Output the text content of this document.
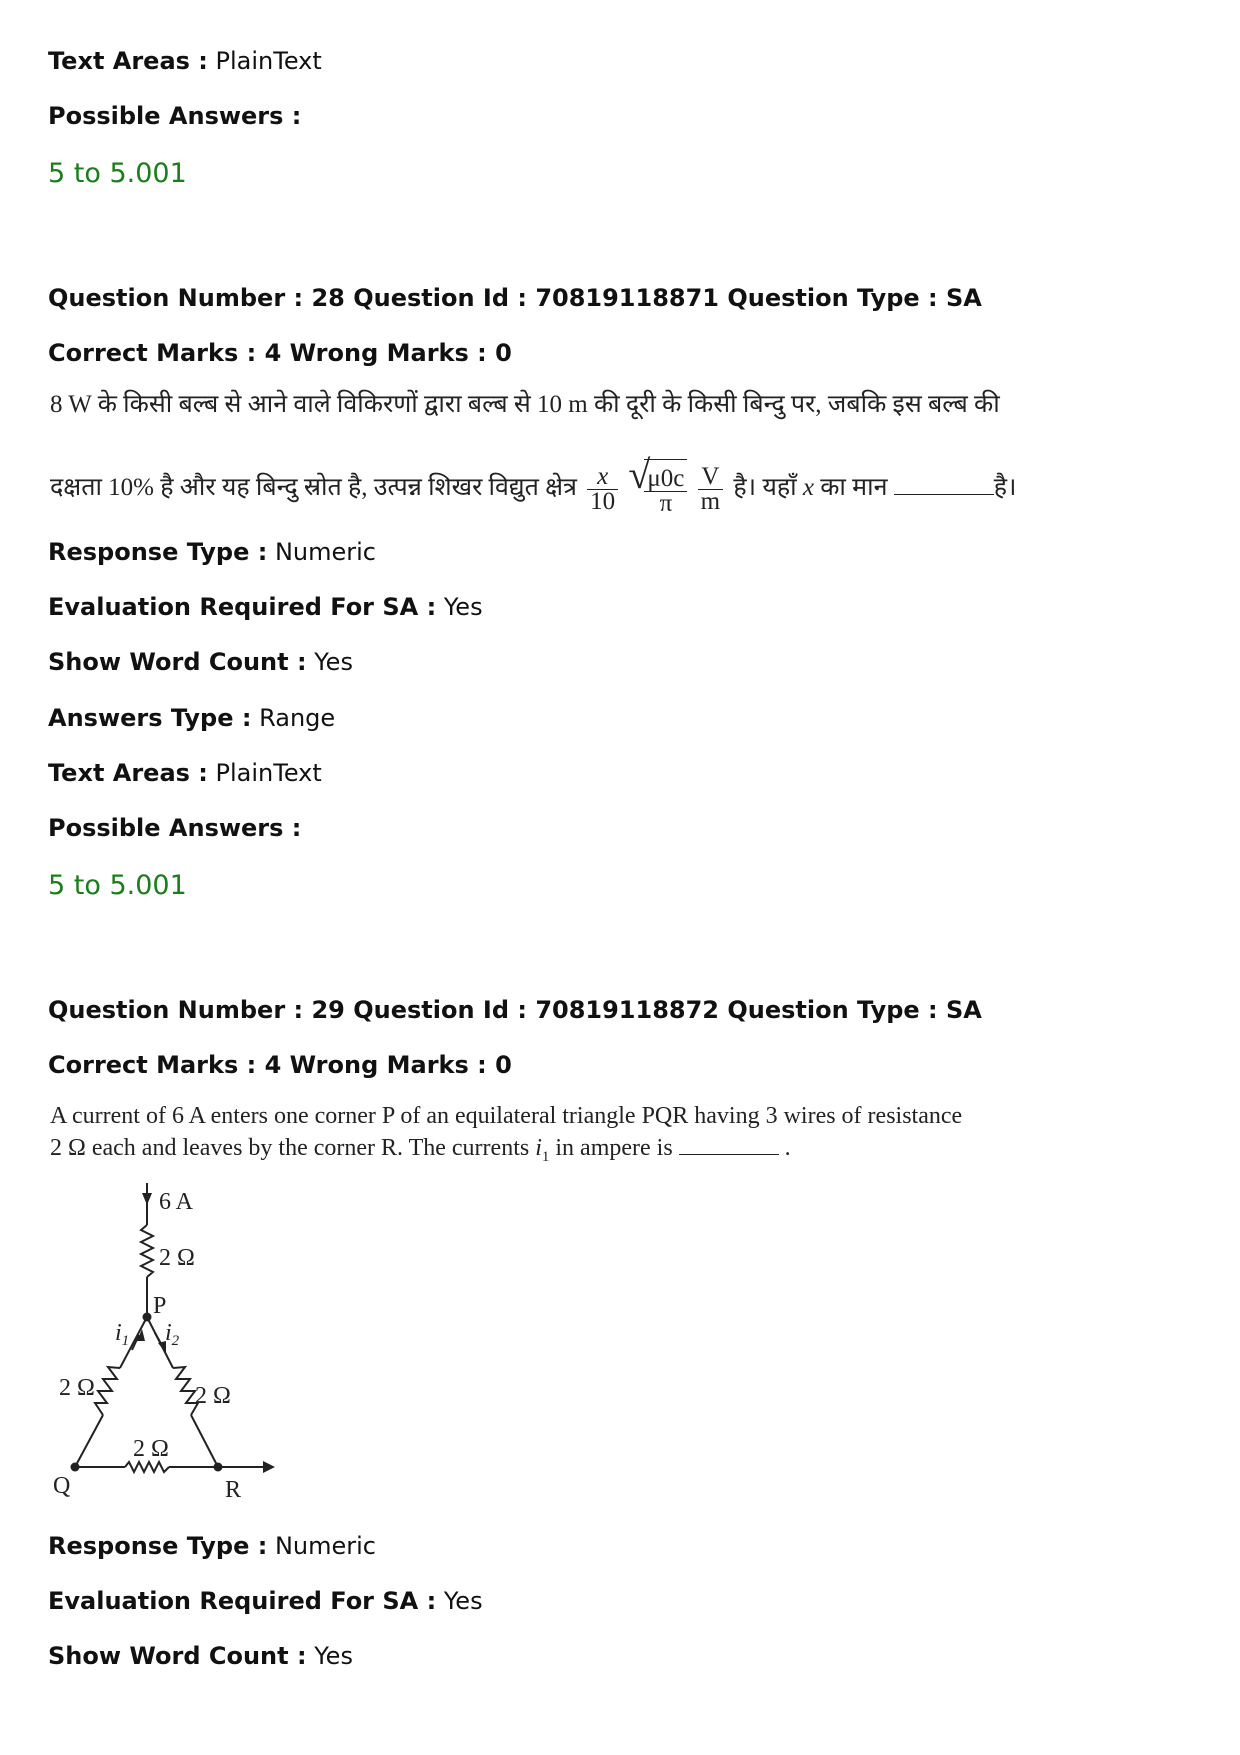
Text Areas : PlainText
Possible Answers :
5 to 5.001
Question Number : 28 Question Id : 70819118871 Question Type : SA
Correct Marks : 4 Wrong Marks : 0
8 W के किसी बल्ब से आने वाले विकिरणों द्वारा बल्ब से 10 m की दूरी के किसी बिन्दु पर, जबकि इस बल्ब की
दक्षता 10% है और यह बिन्दु स्रोत है, उत्पन्न शिखर विद्युत क्षेत्र $\frac{x}{10}$
√
$\frac{\mu 0c}{\pi}$
$\frac{V}{m}$ है। यहाँ x का मान	है।
Response Type : Numeric
Evaluation Required For SA : Yes
Show Word Count : Yes
Answers Type : Range
Text Areas : PlainText
Possible Answers :
5 to 5.001
Question Number : 29 Question Id : 70819118872 Question Type : SA
Correct Marks : 4 Wrong Marks : 0
A current of 6 A enters one corner P of an equilateral triangle PQR having 3 wires of resistance
2 Ω each and leaves by the corner R. The currents $i_1$ in ampere is	.
6 A
2 Ω
P
$i_1$ $i_2$
2 Ω	2 Ω
2 Ω
Q	R
Response Type : Numeric
Evaluation Required For SA : Yes
Show Word Count : Yes
